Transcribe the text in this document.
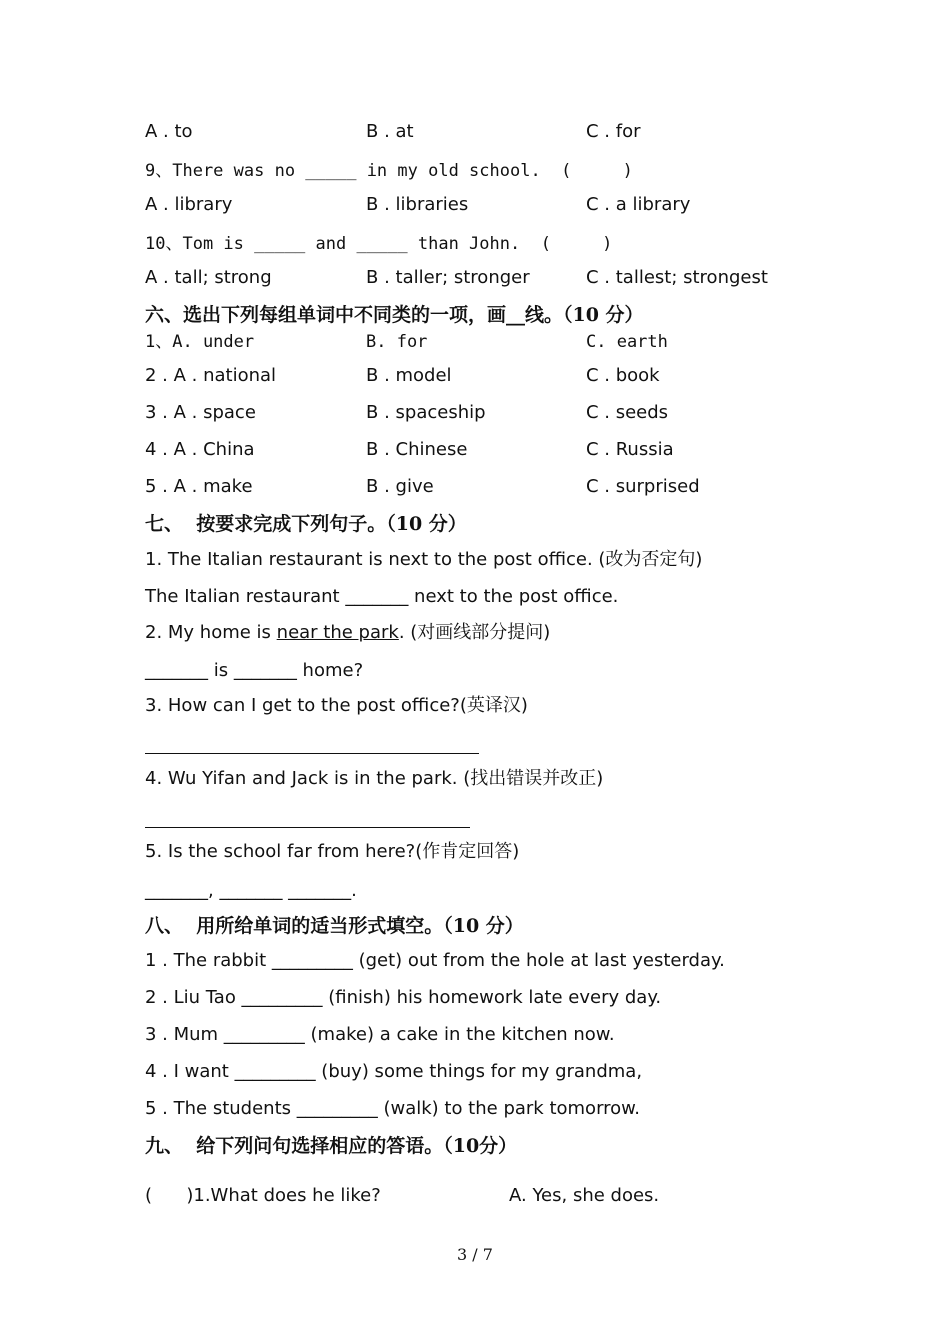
A . to	B . at	C . for
9、There was no _____ in my old school.  (     )
A . library	B . libraries	C . a library
10、Tom is _____ and _____ than John.  (     )
A . tall; strong	B . taller; stronger	C . tallest; strongest
六、选出下列每组单词中不同类的一项，画__线。（10 分）
1、A. under	B. for	C. earth
2 . A . national	B . model	C . book
3 . A . space	B . spaceship	C . seeds
4 . A . China	B . Chinese	C . Russia
5 . A . make	B . give	C . surprised
七、  按要求完成下列句子。（10 分）
1. The Italian restaurant is next to the post office. (改为否定句)
The Italian restaurant _______ next to the post office.
2. My home is near the park. (对画线部分提问)
_______ is _______ home?
3. How can I get to the post office?(英译汉)
4. Wu Yifan and Jack is in the park. (找出错误并改正)
5. Is the school far from here?(作肯定回答)
_______, _______ _______.
八、  用所给单词的适当形式填空。（10 分）
1 . The rabbit _________ (get) out from the hole at last yesterday.
2 . Liu Tao _________ (finish) his homework late every day.
3 . Mum _________ (make) a cake in the kitchen now.
4 . I want _________ (buy) some things for my grandma,
5 . The students _________ (walk) to the park tomorrow.
九、  给下列问句选择相应的答语。（10分）
(      )1.What does he like?	A. Yes, she does.
3 / 7
